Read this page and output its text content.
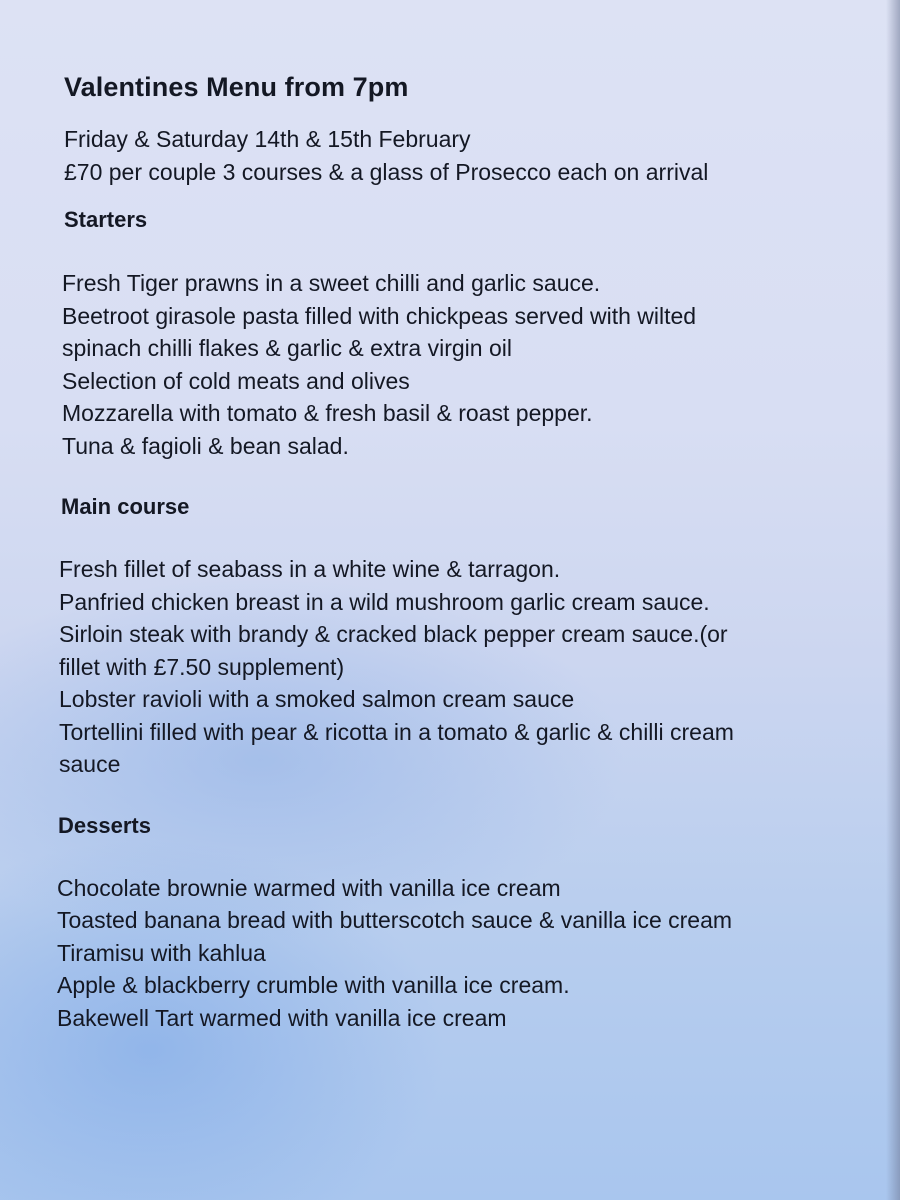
Valentines Menu from 7pm

Friday & Saturday 14th & 15th February

£70 per couple 3 courses & a glass of Prosecco each on arrival

Starters
Fresh Tiger prawns in a sweet chilli and garlic sauce.
Beetroot girasole pasta filled with chickpeas served with wilted spinach chilli flakes & garlic & extra virgin oil
Selection of cold meats and olives
Mozzarella with tomato & fresh basil & roast pepper.
Tuna & fagioli & bean salad.
Main course
Fresh fillet of seabass in a white wine & tarragon.
Panfried chicken breast in a wild mushroom garlic cream sauce.
Sirloin steak with brandy & cracked black pepper cream sauce.(or fillet with £7.50 supplement)
Lobster ravioli with a smoked salmon cream sauce
Tortellini filled with pear & ricotta in a tomato & garlic & chilli cream sauce
Desserts
Chocolate brownie warmed with vanilla ice cream
Toasted banana bread with butterscotch sauce & vanilla ice cream
Tiramisu with kahlua
Apple & blackberry crumble with vanilla ice cream.
Bakewell Tart warmed with vanilla ice cream
